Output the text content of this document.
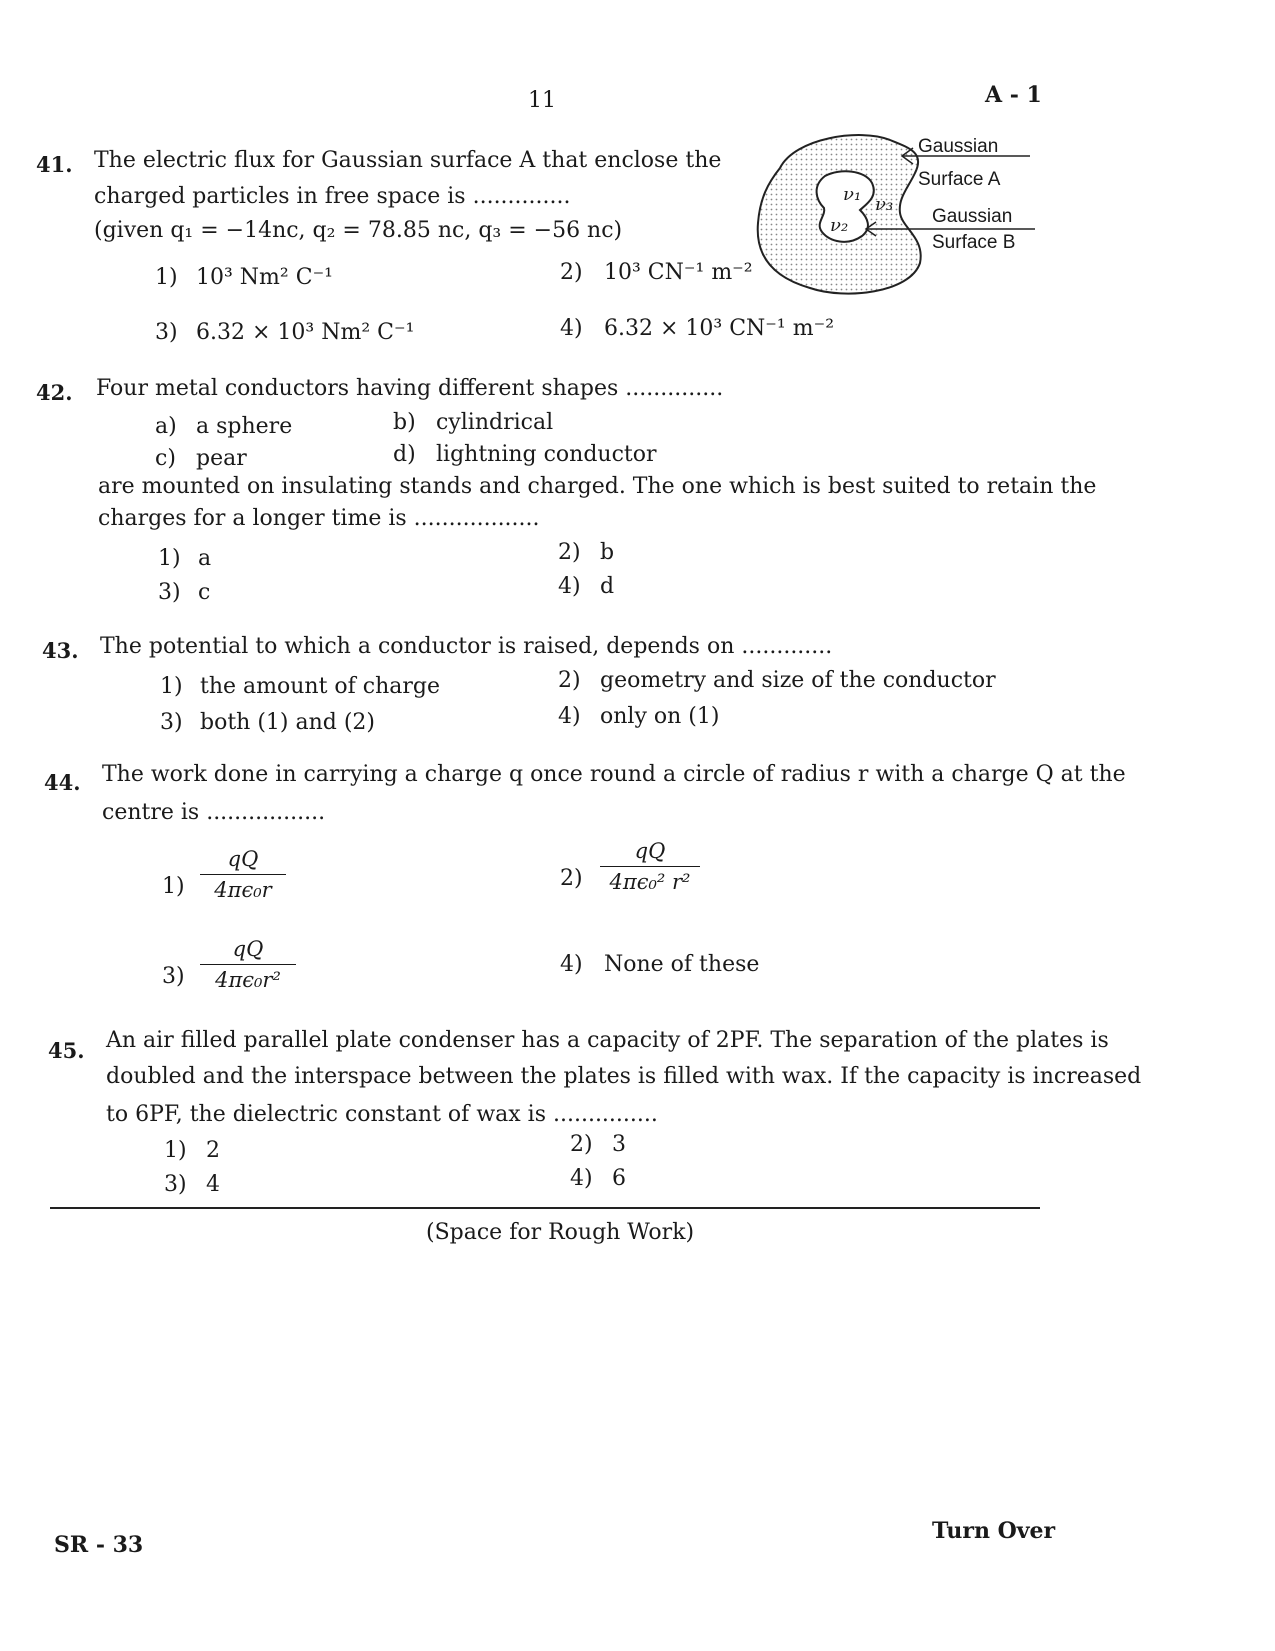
11	A - 1
41. The electric flux for Gaussian surface A that enclose the
charged particles in free space is ..............
(given q₁ = −14nc, q₂ = 78.85 nc, q₃ = −56 nc)
1) 10³ Nm² C⁻¹	2) 10³ CN⁻¹ m⁻²
3) 6.32 × 10³ Nm² C⁻¹	4) 6.32 × 10³ CN⁻¹ m⁻²
ν₁
ν₂
ν₃
Gaussian
Surface A
Gaussian
Surface B
42. Four metal conductors having different shapes ..............
a) a sphere	b) cylindrical
c) pear	d) lightning conductor
are mounted on insulating stands and charged. The one which is best suited to retain the
charges for a longer time is ..................
1) a	2) b
3) c	4) d
43. The potential to which a conductor is raised, depends on .............
1) the amount of charge	2) geometry and size of the conductor
3) both (1) and (2)	4) only on (1)
44. The work done in carrying a charge q once round a circle of radius r with a charge Q at the
centre is .................
1)
qQ
4πϵ₀r	2)
qQ
4πϵ₀² r²
3)
qQ
4πϵ₀r²
4) None of these
45. An air filled parallel plate condenser has a capacity of 2PF. The separation of the plates is
doubled and the interspace between the plates is filled with wax. If the capacity is increased
to 6PF, the dielectric constant of wax is ...............
1) 2	2) 3
3) 4	4) 6
(Space for Rough Work)
SR - 33
Turn Over
